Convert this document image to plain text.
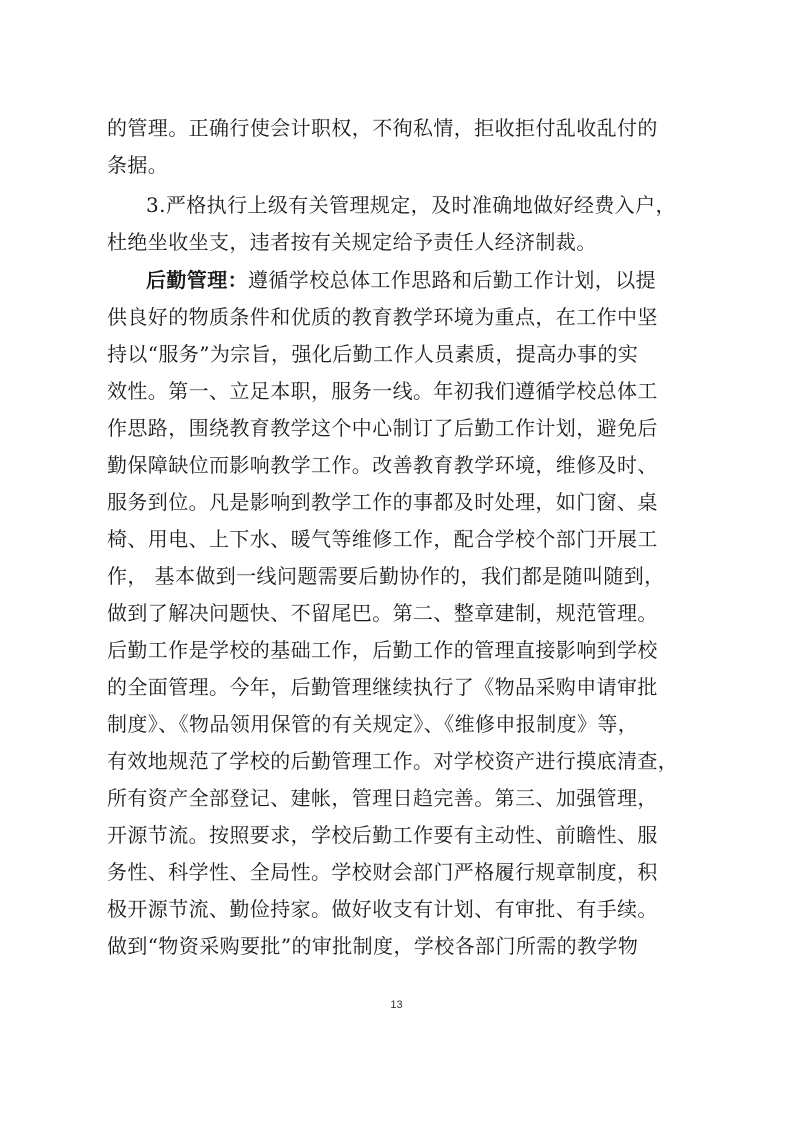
的管理。正确行使会计职权，不徇私情，拒收拒付乱收乱付的
条据。
3.严格执行上级有关管理规定，及时准确地做好经费入户，
杜绝坐收坐支，违者按有关规定给予责任人经济制裁。
后勤管理：遵循学校总体工作思路和后勤工作计划，以提
供良好的物质条件和优质的教育教学环境为重点，在工作中坚
持以“服务”为宗旨，强化后勤工作人员素质，提高办事的实
效性。第一、立足本职，服务一线。年初我们遵循学校总体工
作思路，围绕教育教学这个中心制订了后勤工作计划，避免后
勤保障缺位而影响教学工作。改善教育教学环境，维修及时、
服务到位。凡是影响到教学工作的事都及时处理，如门窗、桌
椅、用电、上下水、暖气等维修工作，配合学校个部门开展工
作， 基本做到一线问题需要后勤协作的，我们都是随叫随到，
做到了解决问题快、不留尾巴。第二、整章建制，规范管理。
后勤工作是学校的基础工作，后勤工作的管理直接影响到学校
的全面管理。今年，后勤管理继续执行了《物品采购申请审批
制度》、《物品领用保管的有关规定》、《维修申报制度》等，
有效地规范了学校的后勤管理工作。对学校资产进行摸底清查，
所有资产全部登记、建帐，管理日趋完善。第三、加强管理，
开源节流。按照要求，学校后勤工作要有主动性、前瞻性、服
务性、科学性、全局性。学校财会部门严格履行规章制度，积
极开源节流、勤俭持家。做好收支有计划、有审批、有手续。
做到“物资采购要批”的审批制度，学校各部门所需的教学物
13
